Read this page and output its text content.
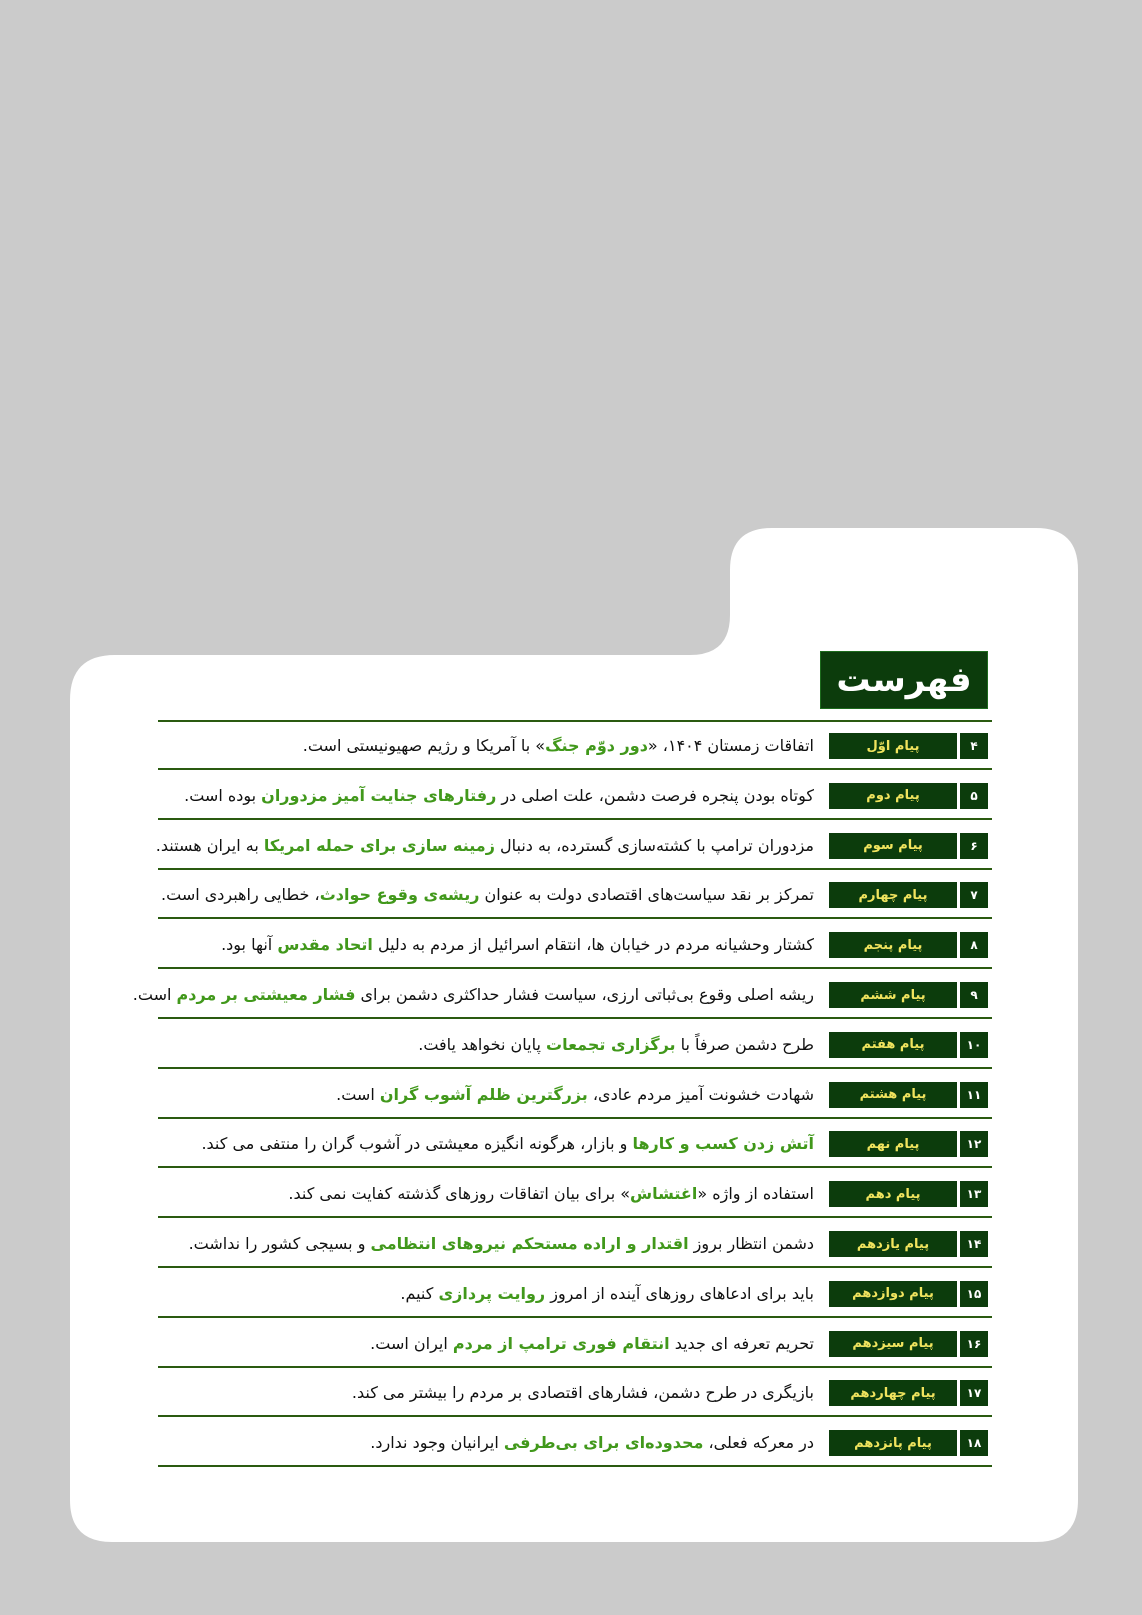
فهرست
۴
پیام اوّل
اتفاقات زمستان ۱۴۰۴، «دور دوّم جنگ» با آمریکا و رژیم صهیونیستی است.
۵
پیام دوم
کوتاه بودن پنجره فرصت دشمن، علت اصلی در رفتارهای جنایت آمیز مزدوران بوده است.
۶
پیام سوم
مزدوران ترامپ با کشته‌سازی گسترده، به دنبال زمینه سازی برای حمله امریکا به ایران هستند.
۷
پیام چهارم
تمرکز بر نقد سیاست‌های اقتصادی دولت به عنوان ریشه‌ی وقوع حوادث، خطایی راهبردی است.
۸
پیام پنجم
کشتار وحشیانه مردم در خیابان ها، انتقام اسرائیل از مردم به دلیل اتحاد مقدس آنها بود.
۹
پیام ششم
ریشه اصلی وقوع بی‌ثباتی ارزی، سیاست فشار حداکثری دشمن برای فشار معیشتی بر مردم است.
۱۰
پیام هفتم
طرح دشمن صرفاً با برگزاری تجمعات پایان نخواهد یافت.
۱۱
پیام هشتم
شهادت خشونت آمیز مردم عادی، بزرگترین ظلم آشوب گران است.
۱۲
پیام نهم
آتش زدن کسب و کارها و بازار، هرگونه انگیزه معیشتی در آشوب گران را منتفی می کند.
۱۳
پیام دهم
استفاده از واژه «اغتشاش» برای بیان اتفاقات روزهای گذشته کفایت نمی کند.
۱۴
پیام یازدهم
دشمن انتظار بروز اقتدار و اراده مستحکم نیروهای انتظامی و بسیجی کشور را نداشت.
۱۵
پیام دوازدهم
باید برای ادعاهای روزهای آینده از امروز روایت پردازی کنیم.
۱۶
پیام سیزدهم
تحریم تعرفه ای جدید انتقام فوری ترامپ از مردم ایران است.
۱۷
پیام چهاردهم
بازیگری در طرح دشمن، فشارهای اقتصادی بر مردم را بیشتر می کند.
۱۸
پیام پانزدهم
در معرکه فعلی، محدوده‌ای برای بی‌طرفی ایرانیان وجود ندارد.
